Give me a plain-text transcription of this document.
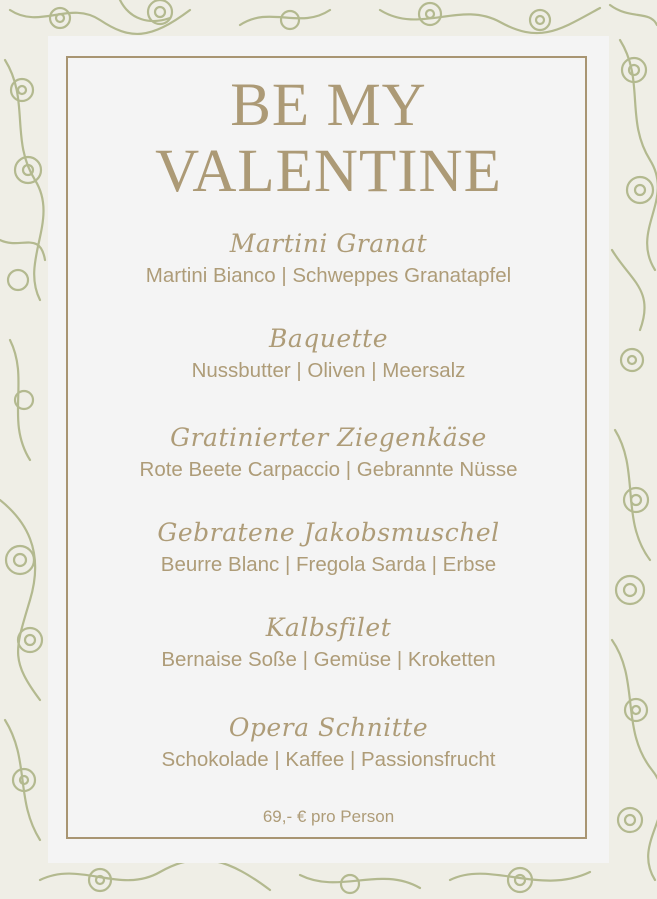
BE MY
VALENTINE
Martini Granat
Martini Bianco | Schweppes Granatapfel
Baquette
Nussbutter | Oliven | Meersalz
Gratinierter Ziegenkäse
Rote Beete Carpaccio | Gebrannte Nüsse
Gebratene Jakobsmuschel
Beurre Blanc | Fregola Sarda | Erbse
Kalbsfilet
Bernaise Soße | Gemüse | Kroketten
Opera Schnitte
Schokolade | Kaffee | Passionsfrucht
69,- € pro Person
